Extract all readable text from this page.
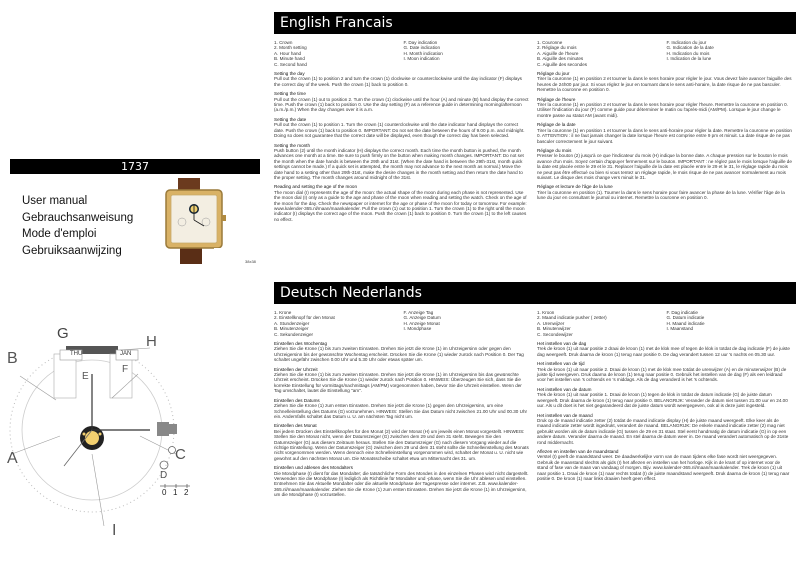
1737
User manual
Gebrauchsanweisung
Mode d'emploi
Gebruiksaanwijzing
38x38
G
B
A	C
H
E
F
I
D
THU	JAN
0 1 2
English Francais
1. Crown
2. Month setting
A. Hour hand
B. Minute hand
C. Second hand
F. Day indication
G. Date indication
H. Month indication
I. Moon indication

Setting the day

Pull out the crown (1) to position 2 and turn the crown (1) clockwise or counterclockwise until the day indicator (F) displays the correct day of the week. Push the crown (1) back to position 0.

Setting the time

Pull out the crown (1) out to position 2. Turn the crown (1) clockwise until the hour (A) and minute (B) hand display the correct time. Push the crown (1) back to position 0. Use the day setting (F) as a reference guide in determining morning/afternoon (a.m./p.m.) When the day changes over it is a.m.

Setting the date

Pull out the crown (1) to position 1. Turn the crown (1) counterclockwise until the date indicator hand displays the correct date. Push the crown (1) back to position 0. IMPORTANT: Do not set the date between the hours of 9.00 p.m. and midnight. Doing so does not guarantee that the correct date will be displayed, even though the correct day has been selected.

Setting the month

Push button (2) until the month indicator (H) displays the correct month. Each time the month button is pushed, the month advances one month at a time. Be sure to push firmly on the button when making month changes. IMPORTANT: Do not set the month when the date hands is between the 29th and 31st. (When the date hand is between the 29th-31st, month quick settings cannot be made.) If a quick set is attempted, the month may not advance to the next month as normal.) Move the date hand to a setting other than 29th-31st, make the desire changes in the month setting and then return the date hand to the proper setting. The month changes around midnight of the 31st.

Reading and setting the age of the moon

The moon dial (I) represents the age of the moon: the actual shape of the moon during each phase is not represented. Use the moon dial (I) only as a guide to the age and phase of the moon when reading and setting the watch. Check on the age of the moon for the day. Check the newspaper or internet for the age or phase of the moon for today or tomorrow. For example: www.kalender-365.nl/maan/maankalender. Pull the crown (1) out to position 1. Turn the crown (1) to the right until the moon indicator (I) displays the correct age of the moon. Push the crown (1) back to position 0. Turn the crown (1) to the left causes no effect.

1. Couronne
2. Réglage du mois
A. Aiguille de l'heure
B. Aiguille des minutes
C. Aiguille des secondes
F. Indication du jour
G. Indication de la date
H. Indication du mois
I. Indication de la lune

Réglage du jour

Tirer la couronne (1) en position 2 et tourner la dans le sens horaire pour régler le jour. Vous devez faire avancer l'aiguille des heures de 24h00 par jour. Si vous réglez le jour en tournant dans le sens anti-horaire, la date risque de ne pas basculer. Remettre la couronne en position 0.

Réglage de l'heure

Tirer la couronne (1) en position 2 et tourner la dans le sens horaire pour régler l'heure. Remettre la couronne en position 0. Utiliser l'indication du jour (F) comme guide pour déterminer le matin ou l'après-midi (AM/PM). Lorsque le jour change le montre passe au statut AM (avant midi).

Réglage de la date

Tirer la couronne (1) en position 1 et tourner la dans le sens anti-horaire pour régler la date. Remettre la couronne en position 0. ATTENTION : il ne faut jamais changer la date lorsque l'heure est comprise entre 9 pm et minuit. La date risque de ne pas basculer correctement le jour suivant.

Réglage du mois

Presser le bouton (2) jusqu'à ce que l'indicateur du mois (H) indique la bonne date. A chaque pression sur le bouton le mois avance d'un mois. Soyez certain d'appuyer fermement sur le bouton. IMPORTANT : ne réglez pas le mois lorsque l'aiguille de la date est placée entre le 29 et le 31. Replacer l'aiguille de la date est placée entre le 29 et le 31, le réglage rapide du mois ne peut pas être effectué ou bien si vous tentez un réglage rapide, le mois risque de ne pas avancer normalement au mois suivant. Le disque des mois change vers minuit le 31.

Réglage et lecture de l'âge de la lune

Tirer la couronne en position (1). Tourner la dans le sens horaire pour faire avancer la phase de la lune. Vérifier l'âge de la lune du jour en consultant le journal ou internet. Remettre la couronne en position 0.

Deutsch Nederlands
1. Krone
2. Einstellknopf für den Monat
A. Stundenzeiger
B. Minutenzeiger
C. Sekundenzeiger
F. Anzeige Tag
G. Anzeige Datum
H. Anzeige Monat
I. Mondphase

Einstellen des Wochentag

Ziehen Sie die Krone (1) bis zum zweiten Einrasten. Drehen Sie jetzt die Krone (1) im Uhrzeigersinn oder gegen den Uhrzeigersinn bis der gewünschte Wochentag erscheint. Drücken Sie die Krone (1) wieder zurück nach Position 0. Der Tag schaltet ungefähr zwischen 0.00 Uhr und 5.30 Uhr oder etwas später um.

Einstellen der Uhrzeit

Ziehen Sie die Krone (1) bis zum zweiten Einrasten. Drehen Sie jetzt die Krone (1) im Uhrzeigersinn bis das gewünschte Uhrzeit erscheint. Drücken Sie die Krone (1) wieder zurück nach Position 0. HINWEIS: Überzeugen Sie sich, dass Sie die korrekte Einstellung für vormittags/nachmittags (AM/PM) vorgenommen haben, bevor Sie die Uhrzeit einstellen. Wenn der Tag umschaltet, lautet die Einstellung "am".

Einstellen des Datums

Ziehen Sie die Krone (1) zum ersten Einrasten. Drehen Sie jetzt die Krone (1) gegen den Uhrzeigersinn, um eine Schnelleinstellung des Datums (G) vorzunehmen. HINWEIS: Stellen Sie das Datum nicht zwischen 21.00 Uhr und 00.30 Uhr ein. Andernfalls schaltet das Datum u. U. am nächsten Tag nicht um.

Einstellen des Monat

Bei jedem Drücken des Einstellknopfes für den Monat (2) wird der Monat (H) um jeweils einen Monat vorgestellt. HINWEIS: Stellen Sie den Monat nicht, wenn der Datumszeiger (G) zwischen dem 29 und dem 31 steht. Bewegen Sie den Datumszeiger (G) aus diesem Zeitraum heraus. Stellen Sie den Datumszeiger (G) nach diesem Vorgang wieder auf die richtige Einstellung. Wenn der Datumszeiger (G) zwischen dem 29 und dem 31 steht sollte die Schnelleinstellung des Monats nicht vorgenommen werden. Wenn dennoch eine Schnelleinstellung vorgenommen wird, schaltet der Monat u. U. nicht wie gewohnt auf den nächsten Monat um. Die Monatsscheibe schaltet etwa um Mitternacht des 31. um.

Einstellen und ablesen des Mondalters

Die Mondphase (I) dient für das Mondalter; die tatsächliche Form des Mondes in den einzelnen Phasen wird nicht dargestellt. Verwenden Sie die Mondphase (I) lediglich als Richtlinie für Mondalter und -phase, wenn Sie die Uhr ablesen und einstellen. Entnehmen Sie das Aktuelle Mondalter oder die aktuelle Mondphase der Tagespresse oder internet. Z.B. www.kalender-365.nl/maan/maankalender. Ziehen Sie die Krone (1) zum ersten Einrasten. Drehen Sie jetzt die Krone (1) im Uhrzeigersinn, um die Mondphase (I) vorzustellen.

1. Kroon
2. Maand indicatie pusher ( zetter)
A. Urenwijzer
B. Minutenwijzer
C. Secondewijzer
F. Dag indicatie
G. Datum indicatie
H. Maand indicatie
I. Maanstand

Het instellen van de dag

Trek de kroon (1) uit naar positie 2 draai de kroon (1) met de klok mee of tegen de klok in totdat de dag indicatie (F) de juiste dag weergeeft. Druk daarna de kroon (1) terug naar positie 0. De dag verandert tussen 12 uur 's nachts en 05.30 uur.

Het instellen van de tijd

Trek de kroon (1) uit naar positie 2. Draai de kroon (1) met de klok mee totdat de urenwijzer (A) en de minutenwijzer (B) de juiste tijd weergeven. Druk daarna de kroon (1) terug naar positie 0. Gebruik het instellen van de dag (F) als een leidraad voor het instellen van 's ochtends en 's middags. Als de dag veranderd is het 's ochtends.

Het instellen van de datum

Trek de kroon (1) uit naar positie 1. Draai de kroon (1) tegen de klok in totdat de datum indicatie (G) de juiste datum weergeeft. Druk daarna de kroon (1) terug naar positie 0. BELANGRIJK: Verander de datum niet tussen 21.00 uur en 24.00 uur. Als u dit doet is het niet gegarandeerd dat de juiste datum wordt weergegeven, ook al is deze juist ingesteld.

Het instellen van de maand

Druk op de maand indicatie zetter (2) totdat de maand indicatie display (H) de juiste maand weergeeft. Elke keer als de maand indicatie zetter wordt ingedrukt, verandert de maand. BELANGRIJK: De enkele maand indicatie zetter (2) mag niet gebruikt worden als de datum indicatie (G) tussen de 29 en 31 staat. Stel eerst handmatig de datum indicatie (G) in op een andere datum. Verander daarna de maand. En stel daarna de datum weer in. De maand verandert automatisch op de 31ste rond middernacht.

Aflezen en instellen van de maandstand

Verstel (I) geeft de maandstand weer. De daadwerkelijke vorm van de maan tijdens elke fase wordt niet weergegeven. Gebruik de maanstand slechts als gids (I) het aflezen en instellen van het horloge. Kijk in de krant of op internet voor de stand of fase van de maan van vandaag of morgen. Bijv. www.kalender-365.nl/maan/maankalender. Trek de kroon (1) uit naar positie 1. Draai de kroon (1) naar rechts totdat (I) de juiste maandstand weergeeft. Druk daarna de kroon (1) terug naar positie 0. De kroon (1) naar links draaien heeft geen effect.
